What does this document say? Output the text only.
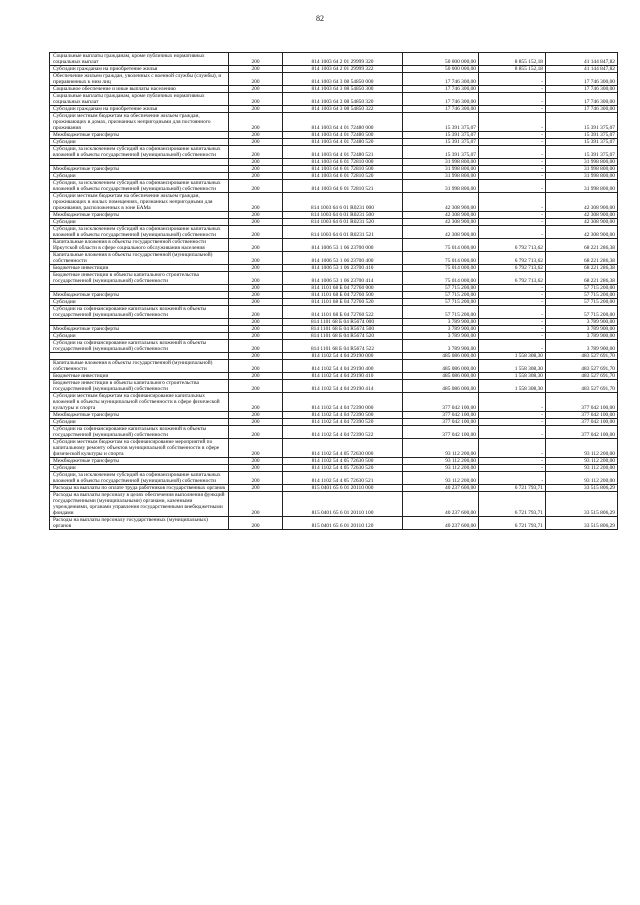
82
Социальные выплаты гражданам, кроме публичных нормативных социальных выплат	200	814 1003 64 2 01 29999 320	50 000 000,00	8 855 152,18	41 144 847,82
Субсидии гражданам на приобретение жилья	200	814 1003 64 2 01 29999 322	50 000 000,00	8 855 152,18	41 144 847,82
Обеспечение жильем граждан, уволенных с военной службы (службы), и приравненных к ним лиц	200	814 1003 64 3 08 54850 000	17 746 300,00	-	17 746 300,00
Социальное обеспечение и иные выплаты населению	200	814 1003 64 3 08 54850 300	17 746 300,00	-	17 746 300,00
Социальные выплаты гражданам, кроме публичных нормативных социальных выплат	200	814 1003 64 3 08 54850 320	17 746 300,00	-	17 746 300,00
Субсидии гражданам на приобретение жилья	200	814 1003 64 3 08 54850 322	17 746 300,00	-	17 746 300,00
Субсидии местным бюджетам на обеспечение жильем граждан, проживающих в домах, признанных непригодными для постоянного проживания	200	814 1003 64 4 01 72480 000	15 391 375,07	-	15 391 375,07
Межбюджетные трансферты	200	814 1003 64 4 01 72480 500	15 391 375,07	-	15 391 375,07
Субсидии	200	814 1003 64 4 01 72480 520	15 391 375,07	-	15 391 375,07
Субсидии, за исключением субсидий на софинансирование капитальных вложений в объекты государственной (муниципальной) собственности	200	814 1003 64 4 01 72480 521	15 391 375,07	-	15 391 375,07
	200	814 1003 64 6 01 72810 000	31 998 800,00	-	31 998 800,00
Межбюджетные трансферты	200	814 1003 64 6 01 72810 500	31 998 800,00	-	31 998 800,00
Субсидии	200	814 1003 64 6 01 72810 520	31 998 800,00	-	31 998 800,00
Субсидии, за исключением субсидий на софинансирование капитальных вложений в объекты государственной (муниципальной) собственности	200	814 1003 64 6 01 72810 521	31 998 800,00	-	31 998 800,00
Субсидии местным бюджетам на обеспечение жильем граждан, проживающих в жилых помещениях, признанных непригодными для проживания, расположенных в зоне БАМа	200	814 1003 64 6 01 R0231 000	42 308 900,00	-	42 308 900,00
Межбюджетные трансферты	200	814 1003 64 6 01 R0231 500	42 308 900,00	-	42 308 900,00
Субсидии	200	814 1003 64 6 01 R0231 520	42 308 900,00	-	42 308 900,00
Субсидии, за исключением субсидий на софинансирование капитальных вложений в объекты государственной (муниципальной) собственности	200	814 1003 64 6 01 R0231 521	42 308 900,00	-	42 308 900,00
Капитальные вложения в объекты государственной собственности Иркутской области в сфере социального обслуживания населения	200	814 1006 53 1 06 23700 000	75 014 000,00	6 792 713,62	68 221 286,38
Капитальные вложения в объекты государственной (муниципальной) собственности	200	814 1006 53 1 06 23700 400	75 014 000,00	6 792 713,62	68 221 286,38
Бюджетные инвестиции	200	814 1006 53 1 06 23700 410	75 014 000,00	6 792 713,62	68 221 286,38
Бюджетные инвестиции в объекты капитального строительства государственной (муниципальной) собственности	200	814 1006 53 1 06 23700 414	75 014 000,00	6 792 713,62	68 221 286,38
	200	814 1101 68 Б 04 72760 000	57 715 200,00	-	57 715 200,00
Межбюджетные трансферты	200	814 1101 68 Б 04 72760 500	57 715 200,00	-	57 715 200,00
Субсидии	200	814 1101 68 Б 04 72760 520	57 715 200,00	-	57 715 200,00
Субсидии на софинансирование капитальных вложений в объекты государственной (муниципальной) собственности	200	814 1101 68 Б 04 72760 522	57 715 200,00	-	57 715 200,00
	200	814 1101 68 Б 04 R5674 000	3 789 900,00	-	3 789 900,00
Межбюджетные трансферты	200	814 1101 68 Б 04 R5674 500	3 789 900,00	-	3 789 900,00
Субсидии	200	814 1101 68 Б 04 R5674 520	3 789 900,00	-	3 789 900,00
Субсидии на софинансирование капитальных вложений в объекты государственной (муниципальной) собственности	200	814 1101 68 Б 04 R5674 522	3 789 900,00	-	3 789 900,00
	200	814 1102 54 4 04 29190 000	485 086 000,00	1 558 308,30	483 527 691,70
Капитальные вложения в объекты государственной (муниципальной) собственности	200	814 1102 54 4 04 29190 400	485 086 000,00	1 558 308,30	483 527 691,70
Бюджетные инвестиции	200	814 1102 54 4 04 29190 410	485 086 000,00	1 558 308,30	483 527 691,70
Бюджетные инвестиции в объекты капитального строительства государственной (муниципальной) собственности	200	814 1102 54 4 04 29190 414	485 086 000,00	1 558 308,30	483 527 691,70
Субсидии местным бюджетам на софинансирование капитальных вложений в объекты муниципальной собственности в сфере физической культуры и спорта	200	814 1102 54 4 04 72390 000	377 042 100,00	-	377 042 100,00
Межбюджетные трансферты	200	814 1102 54 4 04 72390 500	377 042 100,00	-	377 042 100,00
Субсидии	200	814 1102 54 4 04 72390 520	377 042 100,00	-	377 042 100,00
Субсидии на софинансирование капитальных вложений в объекты государственной (муниципальной) собственности	200	814 1102 54 4 04 72390 522	377 042 100,00	-	377 042 100,00
Субсидии местным бюджетам на софинансирование мероприятий по капитальному ремонту объектов муниципальной собственности в сфере физической культуры и спорта	200	814 1102 54 4 05 72630 000	93 112 200,00	-	93 112 200,00
Межбюджетные трансферты	200	814 1102 54 4 05 72630 500	93 112 200,00	-	93 112 200,00
Субсидии	200	814 1102 54 4 05 72630 520	93 112 200,00	-	93 112 200,00
Субсидии, за исключением субсидий на софинансирование капитальных вложений в объекты государственной (муниципальной) собственности	200	814 1102 54 4 05 72630 521	93 112 200,00	-	93 112 200,00
Расходы на выплаты по оплате труда работников государственных органов	200	815 0401 65 6 01 20110 000	40 237 600,00	6 721 793,71	33 515 806,29
Расходы на выплаты персоналу в целях обеспечения выполнения функций государственными (муниципальными) органами, казенными учреждениями, органами управления государственными внебюджетными фондами	200	815 0401 65 6 01 20110 100	40 237 600,00	6 721 793,71	33 515 806,29
Расходы на выплаты персоналу государственных (муниципальных) органов	200	815 0401 65 6 01 20110 120	40 237 600,00	6 721 793,71	33 515 806,29
